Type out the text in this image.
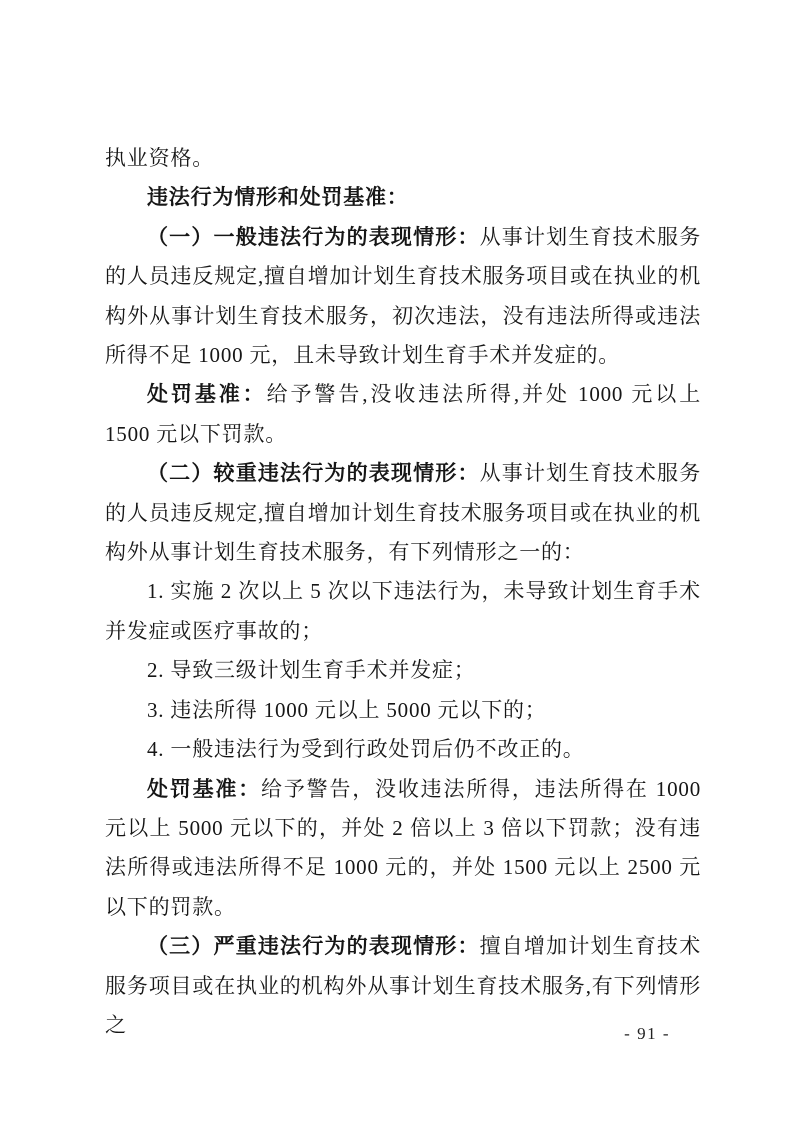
执业资格。

违法行为情形和处罚基准：

（一）一般违法行为的表现情形：从事计划生育技术服务的人员违反规定,擅自增加计划生育技术服务项目或在执业的机构外从事计划生育技术服务，初次违法，没有违法所得或违法所得不足 1000 元，且未导致计划生育手术并发症的。

处罚基准：给予警告,没收违法所得,并处 1000 元以上 1500 元以下罚款。

（二）较重违法行为的表现情形：从事计划生育技术服务的人员违反规定,擅自增加计划生育技术服务项目或在执业的机构外从事计划生育技术服务，有下列情形之一的：

1. 实施 2 次以上 5 次以下违法行为，未导致计划生育手术并发症或医疗事故的；

2. 导致三级计划生育手术并发症；

3. 违法所得 1000 元以上 5000 元以下的；

4. 一般违法行为受到行政处罚后仍不改正的。

处罚基准：给予警告，没收违法所得，违法所得在 1000 元以上 5000 元以下的，并处 2 倍以上 3 倍以下罚款；没有违法所得或违法所得不足 1000 元的，并处 1500 元以上 2500 元以下的罚款。

（三）严重违法行为的表现情形：擅自增加计划生育技术服务项目或在执业的机构外从事计划生育技术服务,有下列情形之	- 91 -
